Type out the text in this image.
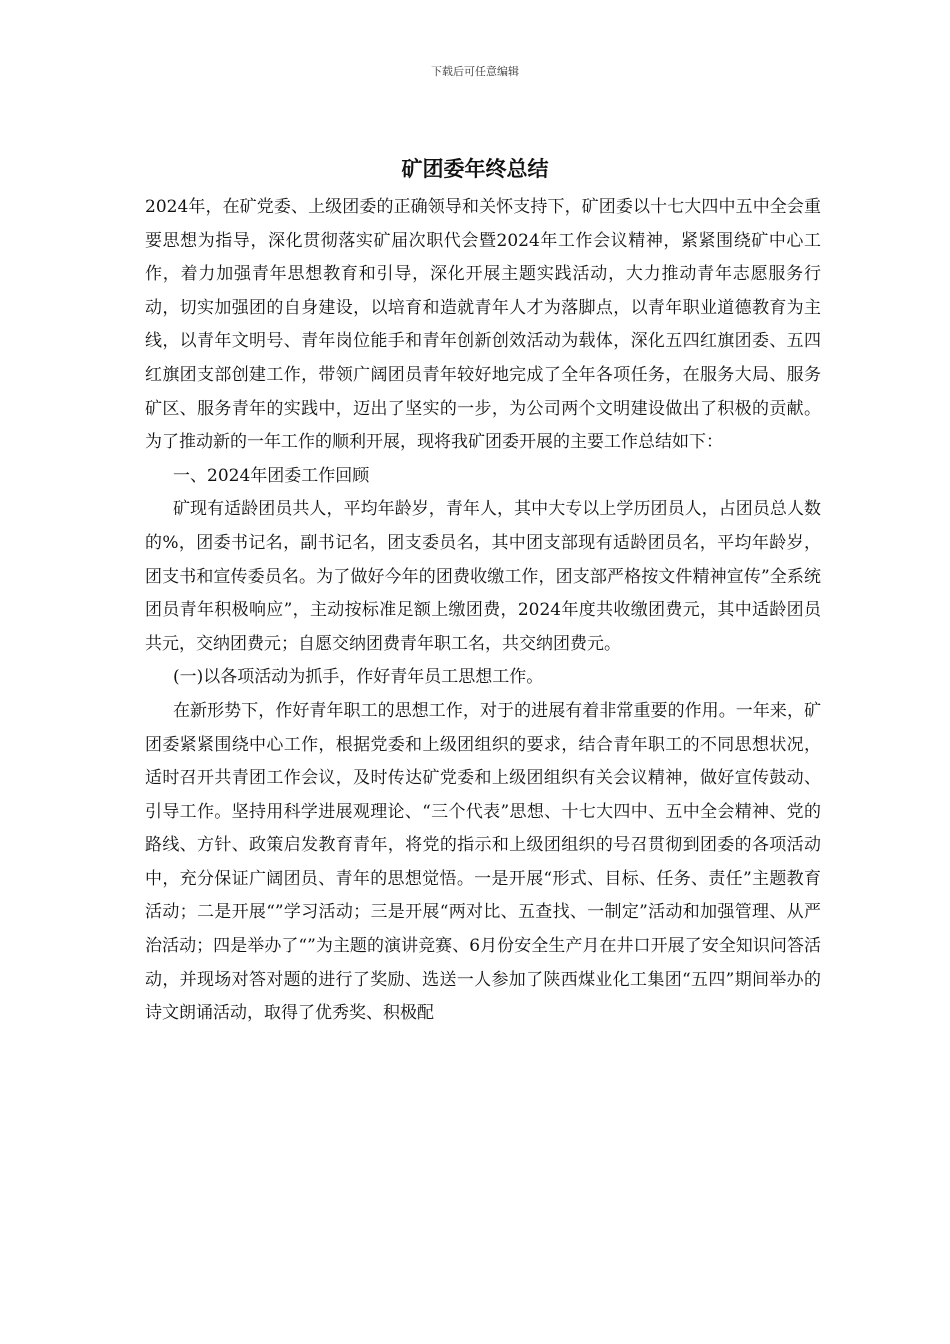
下载后可任意编辑
矿团委年终总结

2024年，在矿党委、上级团委的正确领导和关怀支持下，矿团委以十七大四中五中全会重要思想为指导，深化贯彻落实矿届次职代会暨2024年工作会议精神，紧紧围绕矿中心工作，着力加强青年思想教育和引导，深化开展主题实践活动，大力推动青年志愿服务行动，切实加强团的自身建设，以培育和造就青年人才为落脚点，以青年职业道德教育为主线，以青年文明号、青年岗位能手和青年创新创效活动为载体，深化五四红旗团委、五四红旗团支部创建工作，带领广阔团员青年较好地完成了全年各项任务，在服务大局、服务矿区、服务青年的实践中，迈出了坚实的一步，为公司两个文明建设做出了积极的贡献。为了推动新的一年工作的顺利开展，现将我矿团委开展的主要工作总结如下：

一、2024年团委工作回顾

矿现有适龄团员共人，平均年龄岁，青年人，其中大专以上学历团员人，占团员总人数的%，团委书记名，副书记名，团支委员名，其中团支部现有适龄团员名，平均年龄岁，团支书和宣传委员名。为了做好今年的团费收缴工作，团支部严格按文件精神宣传”全系统团员青年积极响应”，主动按标准足额上缴团费，2024年度共收缴团费元，其中适龄团员共元，交纳团费元；自愿交纳团费青年职工名，共交纳团费元。

(一)以各项活动为抓手，作好青年员工思想工作。

在新形势下，作好青年职工的思想工作，对于的进展有着非常重要的作用。一年来，矿团委紧紧围绕中心工作，根据党委和上级团组织的要求，结合青年职工的不同思想状况，适时召开共青团工作会议，及时传达矿党委和上级团组织有关会议精神，做好宣传鼓动、引导工作。坚持用科学进展观理论、“三个代表”思想、十七大四中、五中全会精神、党的路线、方针、政策启发教育青年，将党的指示和上级团组织的号召贯彻到团委的各项活动中，充分保证广阔团员、青年的思想觉悟。一是开展“形式、目标、任务、责任”主题教育活动；二是开展“”学习活动；三是开展“两对比、五查找、一制定”活动和加强管理、从严治活动；四是举办了“”为主题的演讲竞赛、6月份安全生产月在井口开展了安全知识问答活动，并现场对答对题的进行了奖励、选送一人参加了陕西煤业化工集团“五四”期间举办的诗文朗诵活动，取得了优秀奖、积极配
